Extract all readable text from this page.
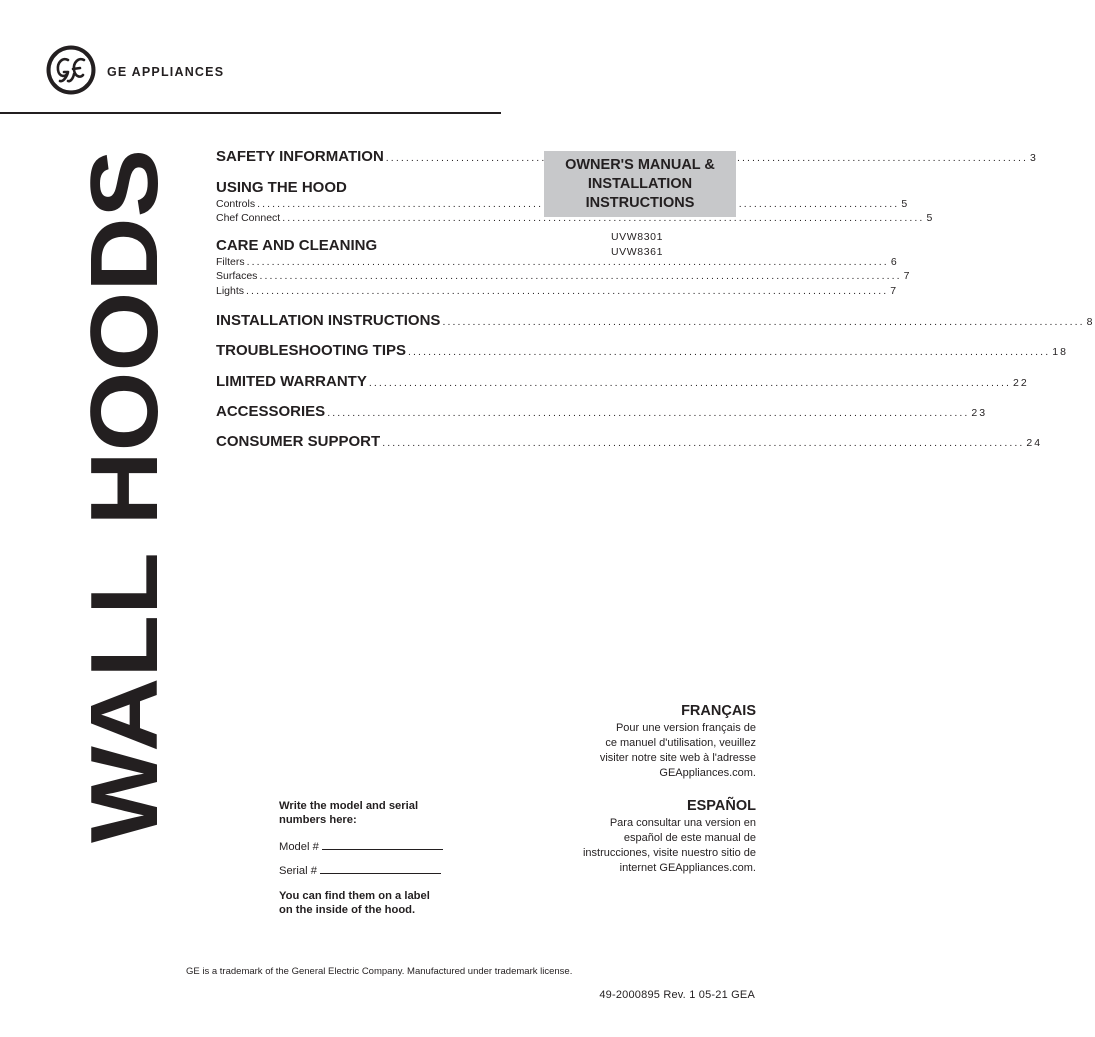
GE APPLIANCES
WALL HOODS
SAFETY INFORMATION .....	3
USING THE HOOD
Controls .....	5
Chef Connect .....	5
CARE AND CLEANING
Filters .....	6
Surfaces .....	7
Lights .....	7
INSTALLATION INSTRUCTIONS .....	8
TROUBLESHOOTING TIPS .....	18
LIMITED WARRANTY .....	22
ACCESSORIES .....	23
CONSUMER SUPPORT .....	24
OWNER'S MANUAL &
INSTALLATION
INSTRUCTIONS
UVW8301
UVW8361
FRANÇAIS
Pour une version français de
ce manuel d'utilisation, veuillez
visiter notre site web à l'adresse
GEAppliances.com.
ESPAÑOL
Para consultar una version en
español de este manual de
instrucciones, visite nuestro sitio de
internet GEAppliances.com.
Write the model and serial
numbers here:
Model #
Serial #
You can find them on a label
on the inside of the hood.
GE is a trademark of the General Electric Company. Manufactured under trademark license.
49-2000895 Rev. 1 05-21 GEA
